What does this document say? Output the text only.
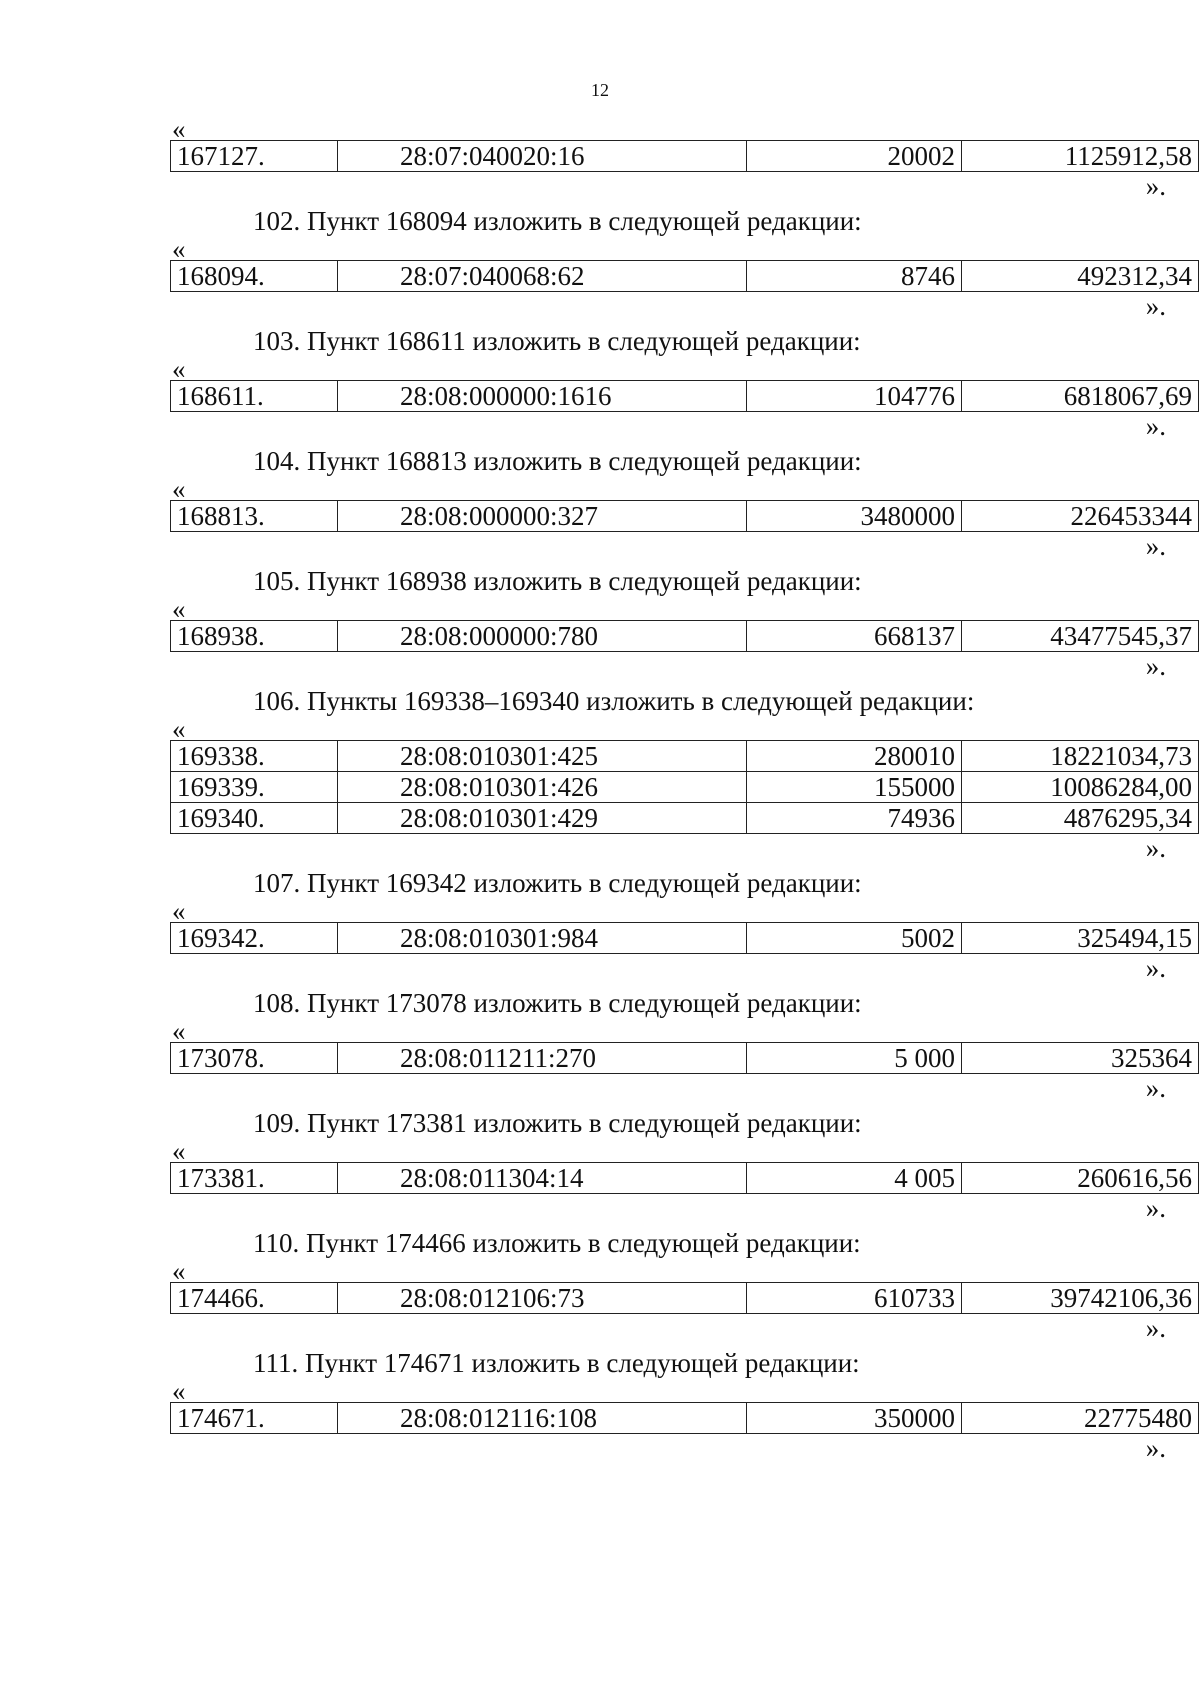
12
«
167127.	28:07:040020:16	20002	1125912,58
».
102. Пункт 168094 изложить в следующей редакции:
«
168094.	28:07:040068:62	8746	492312,34
».
103. Пункт 168611 изложить в следующей редакции:
«
168611.	28:08:000000:1616	104776	6818067,69
».
104. Пункт 168813 изложить в следующей редакции:
«
168813.	28:08:000000:327	3480000	226453344
».
105. Пункт 168938 изложить в следующей редакции:
«
168938.	28:08:000000:780	668137	43477545,37
».
106. Пункты 169338–169340 изложить в следующей редакции:
«
169338.	28:08:010301:425	280010	18221034,73
169339.	28:08:010301:426	155000	10086284,00
169340.	28:08:010301:429	74936	4876295,34
».
107. Пункт 169342 изложить в следующей редакции:
«
169342.	28:08:010301:984	5002	325494,15
».
108. Пункт 173078 изложить в следующей редакции:
«
173078.	28:08:011211:270	5 000	325364
».
109. Пункт 173381 изложить в следующей редакции:
«
173381.	28:08:011304:14	4 005	260616,56
».
110. Пункт 174466 изложить в следующей редакции:
«
174466.	28:08:012106:73	610733	39742106,36
».
111. Пункт 174671 изложить в следующей редакции:
«
174671.	28:08:012116:108	350000	22775480
».
